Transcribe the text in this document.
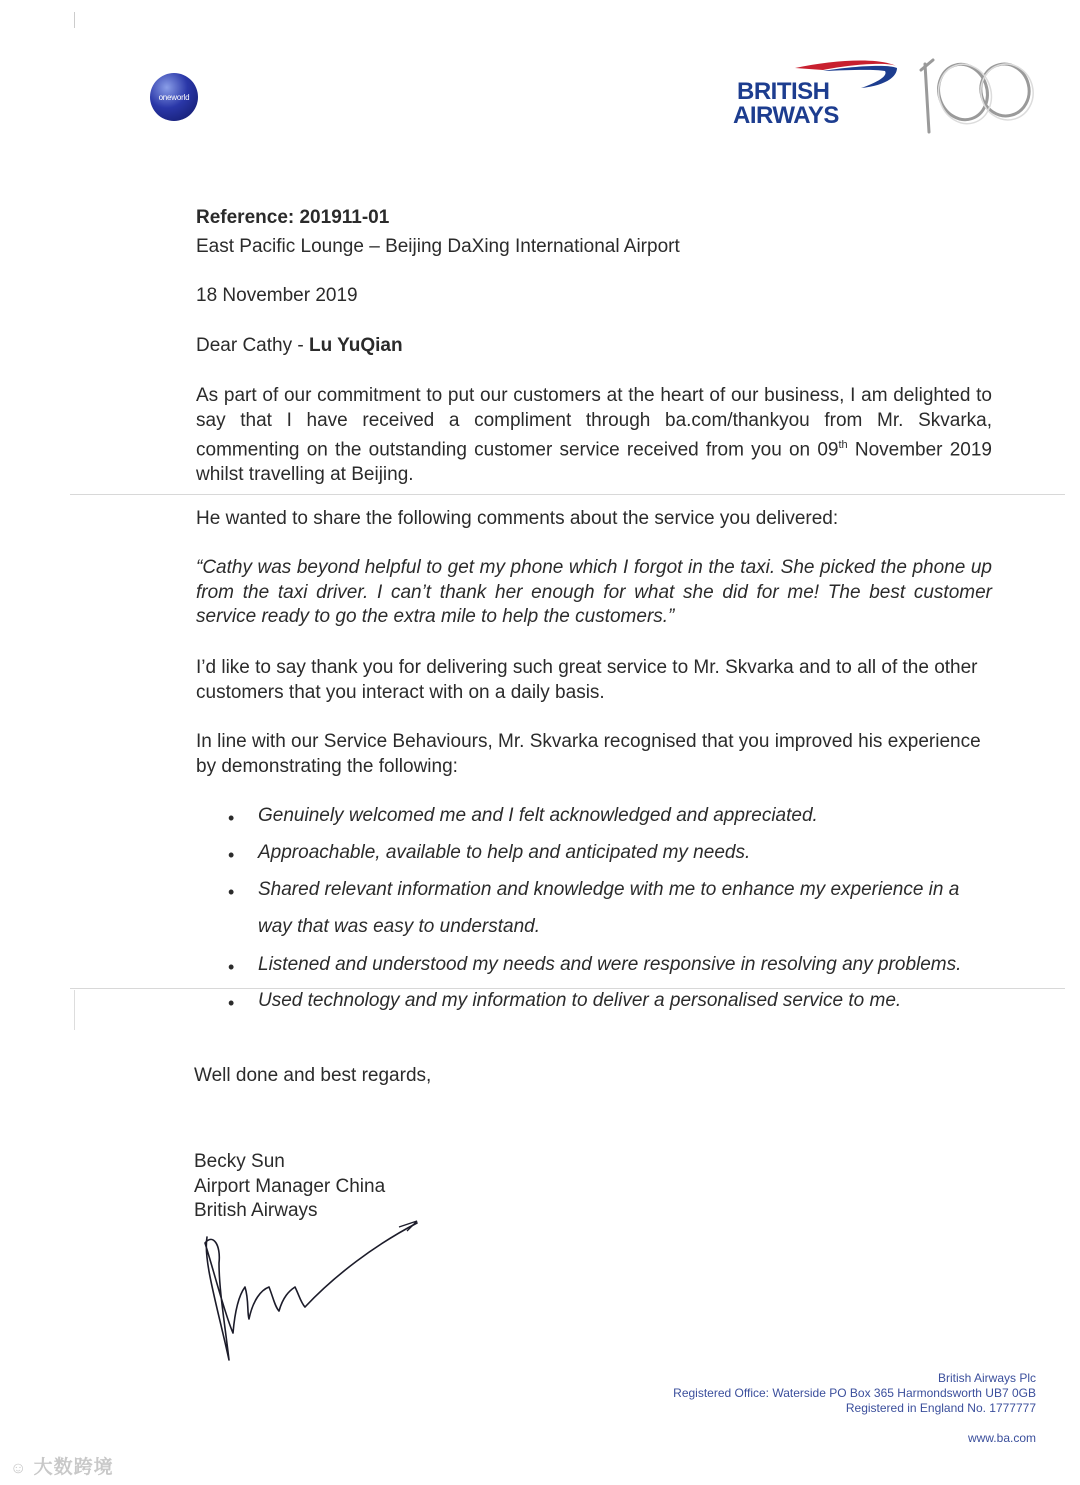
oneworld	BRITISH
AIRWAYS
Reference: 201911-01
East Pacific Lounge – Beijing DaXing International Airport
18 November 2019
Dear Cathy - Lu YuQian
As part of our commitment to put our customers at the heart of our business, I am delighted to say that I have received a compliment through ba.com/thankyou from Mr. Skvarka, commenting on the outstanding customer service received from you on 09th November 2019 whilst travelling at Beijing.
He wanted to share the following comments about the service you delivered:
“Cathy was beyond helpful to get my phone which I forgot in the taxi. She picked the phone up from the taxi driver. I can’t thank her enough for what she did for me! The best customer service ready to go the extra mile to help the customers.”
I’d like to say thank you for delivering such great service to Mr. Skvarka and to all of the other customers that you interact with on a daily basis.
In line with our Service Behaviours, Mr. Skvarka recognised that you improved his experience by demonstrating the following:
• Genuinely welcomed me and I felt acknowledged and appreciated.
• Approachable, available to help and anticipated my needs.
• Shared relevant information and knowledge with me to enhance my experience in a way that was easy to understand.
• Listened and understood my needs and were responsive in resolving any problems.
• Used technology and my information to deliver a personalised service to me.
Well done and best regards,
Becky Sun
Airport Manager China
British Airways
British Airways Plc
Registered Office: Waterside PO Box 365 Harmondsworth UB7 0GB
Registered in England No. 1777777
www.ba.com
☺ 大数跨境
